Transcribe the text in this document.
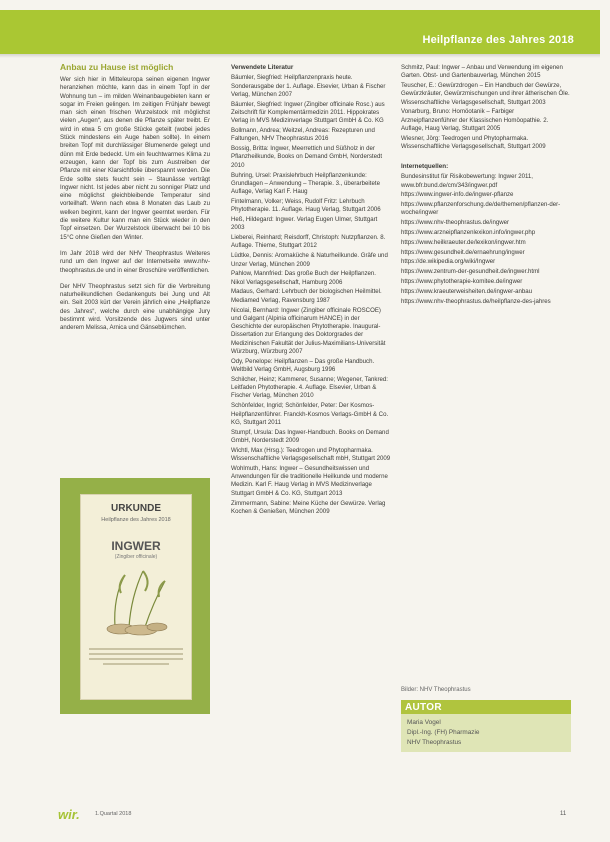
Heilpflanze des Jahres 2018
Anbau zu Hause ist möglich

Wer sich hier in Mitteleuropa seinen eigenen Ingwer heranziehen möchte, kann das in einem Topf in der Wohnung tun – im milden Weinanbaugebieten kann er sogar im Freien gelingen. Im zeitigen Frühjahr bewegt man sich einen frischen Wurzelstock mit möglichst vielen „Augen“, aus denen die Pflanze später treibt. Er wird in etwa 5 cm große Stücke geteilt (wobei jedes Stück mindestens ein Auge haben sollte). In einem breiten Topf mit durchlässiger Blumenerde gelegt und dünn mit Erde bedeckt. Um ein feuchtwarmes Klima zu erzeugen, kann der Topf bis zum Austreiben der Pflanze mit einer Klarsichtfolie überspannt werden. Die Erde sollte stets feucht sein – Staunässe verträgt Ingwer nicht. Ist jedes aber nicht zu sonniger Platz und eine möglichst gleichbleibende Temperatur sind vorteilhaft. Wenn nach etwa 8 Monaten das Laub zu welken beginnt, kann der Ingwer geerntet werden. Für die weitere Kultur kann man ein Stück wieder in den Topf einsetzen. Der Wurzelstock überwacht bei 10 bis 15°C ohne Gießen den Winter.

Im Jahr 2018 wird der NHV Theophrastus Weiteres rund um den Ingwer auf der Internetseite www.nhv-theophrastus.de und in einer Broschüre veröffentlichen.

Der NHV Theophrastus setzt sich für die Verbreitung naturheilkundlichen Gedankenguts bei Jung und Alt ein. Seit 2003 kürt der Verein jährlich eine „Heilpflanze des Jahres“, welche durch eine unabhängige Jury bestimmt wird. Vorsitzende des Jugwers sind unter anderem Melissa, Arnica und Gänseblümchen.

URKUNDE
Heilpflanze des Jahres 2018
INGWER
(Zingiber officinale)
Verwendete Literatur
Bäumler, Siegfried: Heilpflanzenpraxis heute. Sonderausgabe der 1. Auflage. Elsevier, Urban & Fischer Verlag, München 2007
Bäumler, Siegfried: Ingwer (Zingiber officinale Rosc.) aus Zeitschrift für Komplementärmedizin 2011. Hippokrates Verlag in MVS Medizinverlage Stuttgart GmbH & Co. KG
Bollmann, Andrea; Weitzel, Andreas: Rezepturen und Faltungen, NHV Theophrastus 2016
Bossig, Britta: Ingwer, Meerrettich und Süßholz in der Pflanzheilkunde, Books on Demand GmbH, Norderstedt 2010
Buhring, Ursel: Praxislehrbuch Heilpflanzenkunde: Grundlagen – Anwendung – Therapie. 3., überarbeitete Auflage, Verlag Karl F. Haug
Fintelmann, Volker; Weiss, Rudolf Fritz: Lehrbuch Phytotherapie. 11. Auflage. Haug Verlag, Stuttgart 2006
Heß, Hildegard: Ingwer. Verlag Eugen Ulmer, Stuttgart 2003
Lieberei, Reinhard; Reisdorff, Christoph: Nutzpflanzen. 8. Auflage. Thieme, Stuttgart 2012
Lüdtke, Dennis: Aromaküche & Naturheilkunde. Gräfe und Unzer Verlag, München 2009
Pahlow, Mannfried: Das große Buch der Heilpflanzen. Nikol Verlagsgesellschaft, Hamburg 2006
Madaus, Gerhard: Lehrbuch der biologischen Heilmittel. Mediamed Verlag, Ravensburg 1987
Nicolai, Bernhard: Ingwer (Zingiber officinale ROSCOE) und Galgant (Alpinia officinarum HANCE) in der Geschichte der europäischen Phytotherapie. Inaugural-Dissertation zur Erlangung des Doktorgrades der Medizinischen Fakultät der Julius-Maximilians-Universität Würzburg, Würzburg 2007
Ody, Penelope: Heilpflanzen – Das große Handbuch. Weltbild Verlag GmbH, Augsburg 1996
Schilcher, Heinz; Kammerer, Susanne; Wegener, Tankred: Leitfaden Phytotherapie. 4. Auflage. Elsevier, Urban & Fischer Verlag, München 2010
Schönfelder, Ingrid; Schönfelder, Peter: Der Kosmos-Heilpflanzenführer. Franckh-Kosmos Verlags-GmbH & Co. KG, Stuttgart 2011
Stumpf, Ursula: Das Ingwer-Handbuch. Books on Demand GmbH, Norderstedt 2009
Wichtl, Max (Hrsg.): Teedrogen und Phytopharmaka. Wissenschaftliche Verlagsgesellschaft mbH, Stuttgart 2009
Wohlmuth, Hans: Ingwer – Gesundheitswissen und Anwendungen für die traditionelle Heilkunde und moderne Medizin. Karl F. Haug Verlag in MVS Medizinverlage Stuttgart GmbH & Co. KG, Stuttgart 2013
Zimmermann, Sabine: Meine Küche der Gewürze. Verlag Kochen & Genießen, München 2009
Schmitz, Paul: Ingwer – Anbau und Verwendung im eigenen Garten. Obst- und Gartenbauverlag, München 2015
Teuscher, E.: Gewürzdrogen – Ein Handbuch der Gewürze, Gewürzkräuter, Gewürzmischungen und ihrer ätherischen Öle. Wissenschaftliche Verlagsgesellschaft, Stuttgart 2003
Vonarburg, Bruno: Homöotanik – Farbiger Arzneipflanzenführer der Klassischen Homöopathie. 2. Auflage, Haug Verlag, Stuttgart 2005
Wiesner, Jörg: Teedrogen und Phytopharmaka. Wissenschaftliche Verlagsgesellschaft, Stuttgart 2009
Internetquellen:
Bundesinstitut für Risikobewertung: Ingwer 2011, www.bfr.bund.de/cm/343/ingwer.pdf
https://www.ingwer-info.de/ingwer-pflanze
https://www.pflanzenforschung.de/de/themen/pflanzen-der-woche/ingwer
https://www.nhv-theophrastus.de/ingwer
https://www.arzneipflanzenlexikon.info/ingwer.php
https://www.heilkraeuter.de/lexikon/ingwer.htm
https://www.gesundheit.de/ernaehrung/ingwer
https://de.wikipedia.org/wiki/Ingwer
https://www.zentrum-der-gesundheit.de/ingwer.html
https://www.phytotherapie-komitee.de/ingwer
https://www.kraeuterweisheiten.de/ingwer-anbau
https://www.nhv-theophrastus.de/heilpflanze-des-jahres
Bilder: NHV Theophrastus
AUTOR
Maria Vogel
Dipl.-Ing. (FH) Pharmazie
NHV Theophrastus
wir.	1.Quartal 2018	11
